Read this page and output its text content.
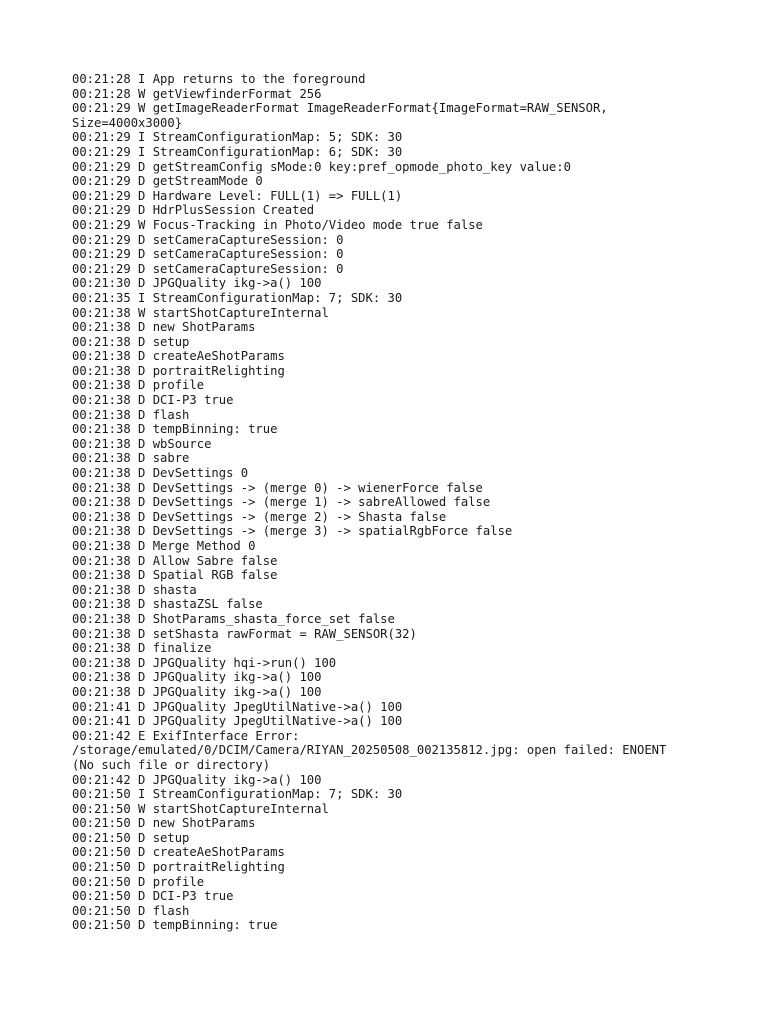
00:21:28 I App returns to the foreground
00:21:28 W getViewfinderFormat 256
00:21:29 W getImageReaderFormat ImageReaderFormat{ImageFormat=RAW_SENSOR,
Size=4000x3000}
00:21:29 I StreamConfigurationMap: 5; SDK: 30
00:21:29 I StreamConfigurationMap: 6; SDK: 30
00:21:29 D getStreamConfig sMode:0 key:pref_opmode_photo_key value:0
00:21:29 D getStreamMode 0
00:21:29 D Hardware Level: FULL(1) => FULL(1)
00:21:29 D HdrPlusSession Created
00:21:29 W Focus-Tracking in Photo/Video mode true false
00:21:29 D setCameraCaptureSession: 0
00:21:29 D setCameraCaptureSession: 0
00:21:29 D setCameraCaptureSession: 0
00:21:30 D JPGQuality ikg->a() 100
00:21:35 I StreamConfigurationMap: 7; SDK: 30
00:21:38 W startShotCaptureInternal
00:21:38 D new ShotParams
00:21:38 D setup
00:21:38 D createAeShotParams
00:21:38 D portraitRelighting
00:21:38 D profile
00:21:38 D DCI-P3 true
00:21:38 D flash
00:21:38 D tempBinning: true
00:21:38 D wbSource
00:21:38 D sabre
00:21:38 D DevSettings 0
00:21:38 D DevSettings -> (merge 0) -> wienerForce false
00:21:38 D DevSettings -> (merge 1) -> sabreAllowed false
00:21:38 D DevSettings -> (merge 2) -> Shasta false
00:21:38 D DevSettings -> (merge 3) -> spatialRgbForce false
00:21:38 D Merge Method 0
00:21:38 D Allow Sabre false
00:21:38 D Spatial RGB false
00:21:38 D shasta
00:21:38 D shastaZSL false
00:21:38 D ShotParams_shasta_force_set false
00:21:38 D setShasta rawFormat = RAW_SENSOR(32)
00:21:38 D finalize
00:21:38 D JPGQuality hqi->run() 100
00:21:38 D JPGQuality ikg->a() 100
00:21:38 D JPGQuality ikg->a() 100
00:21:41 D JPGQuality JpegUtilNative->a() 100
00:21:41 D JPGQuality JpegUtilNative->a() 100
00:21:42 E ExifInterface Error:
/storage/emulated/0/DCIM/Camera/RIYAN_20250508_002135812.jpg: open failed: ENOENT
(No such file or directory)
00:21:42 D JPGQuality ikg->a() 100
00:21:50 I StreamConfigurationMap: 7; SDK: 30
00:21:50 W startShotCaptureInternal
00:21:50 D new ShotParams
00:21:50 D setup
00:21:50 D createAeShotParams
00:21:50 D portraitRelighting
00:21:50 D profile
00:21:50 D DCI-P3 true
00:21:50 D flash
00:21:50 D tempBinning: true
